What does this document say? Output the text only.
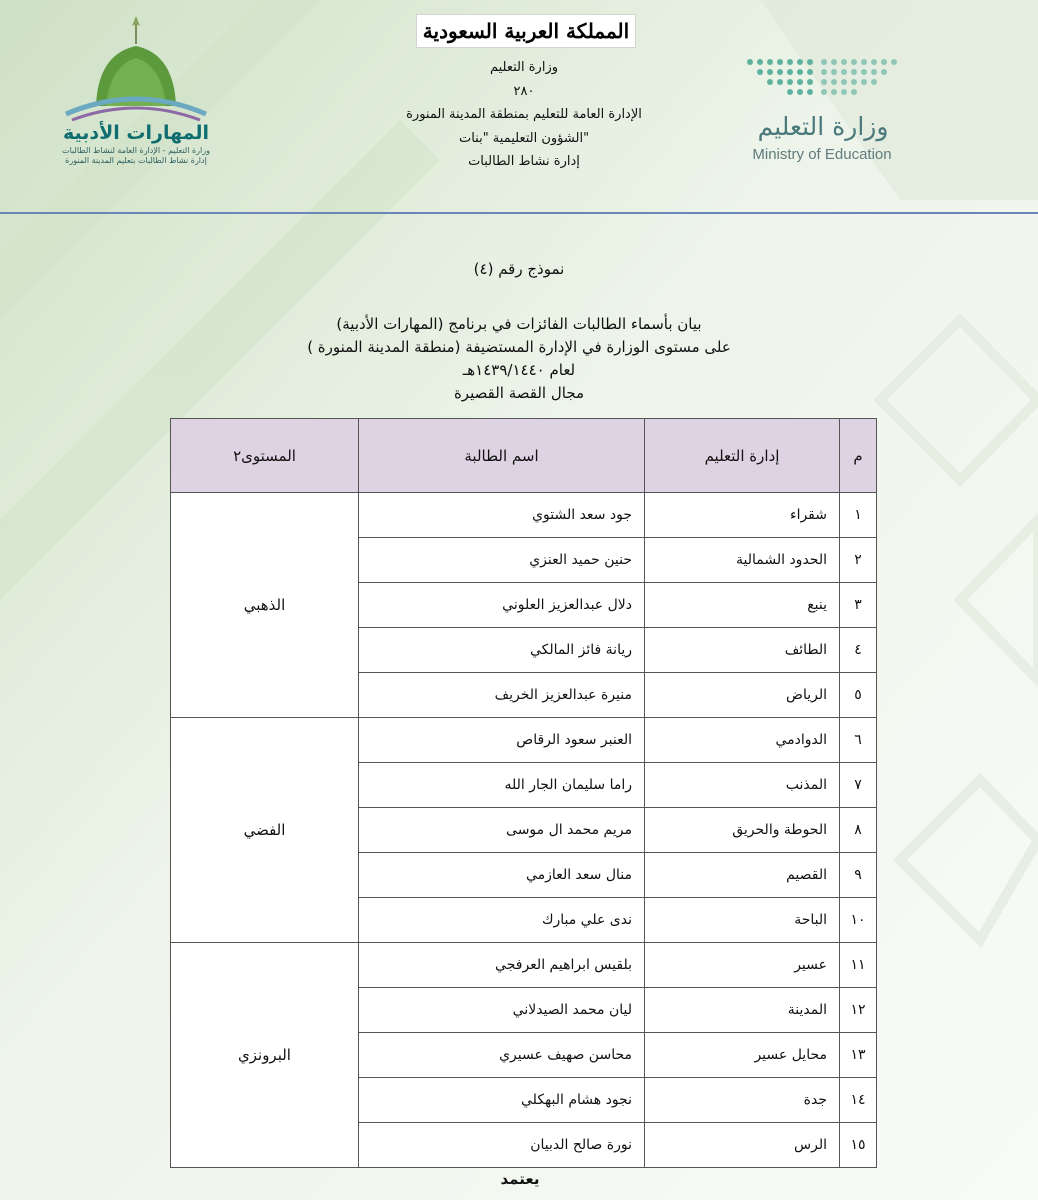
المملكة العربية السعودية
وزارة التعليم
٢٨٠
الإدارة العامة للتعليم بمنطقة المدينة المنورة
الشؤون التعليمية "بنات"
إدارة نشاط الطالبات
وزارة التعليم
Ministry of Education
المهارات الأدبية
وزارة التعليم - الإدارة العامة لنشاط الطالبات
إدارة نشاط الطالبات بتعليم المدينة المنورة
نموذج رقم (٤)
بيان بأسماء الطالبات الفائزات في برنامج (المهارات الأدبية)
على مستوى الوزارة في الإدارة المستضيفة (منطقة المدينة المنورة )
لعام ١٤٣٩/١٤٤٠هـ
مجال القصة القصيرة
م	إدارة التعليم	اسم الطالبة	المستوى٢
١	شقراء	جود سعد الشتوي	الذهبي
٢	الحدود الشمالية	حنين حميد العنزي	
٣	ينبع	دلال عبدالعزيز العلوني	
٤	الطائف	ريانة فائز المالكي	
٥	الرياض	منيرة عبدالعزيز الخريف	
٦	الدوادمي	العنبر سعود الرقاص	الفضي
٧	المذنب	راما سليمان الجار الله	
٨	الحوطة والحريق	مريم محمد ال موسى	
٩	القصيم	منال سعد العازمي	
١٠	الباحة	ندى علي مبارك	
١١	عسير	بلقيس ابراهيم العرفجي	البرونزي
١٢	المدينة	ليان محمد الصيدلاني	
١٣	محايل عسير	محاسن صهيف عسيري	
١٤	جدة	نجود هشام البهكلي	
١٥	الرس	نورة صالح الدبيان	
يعتمد
